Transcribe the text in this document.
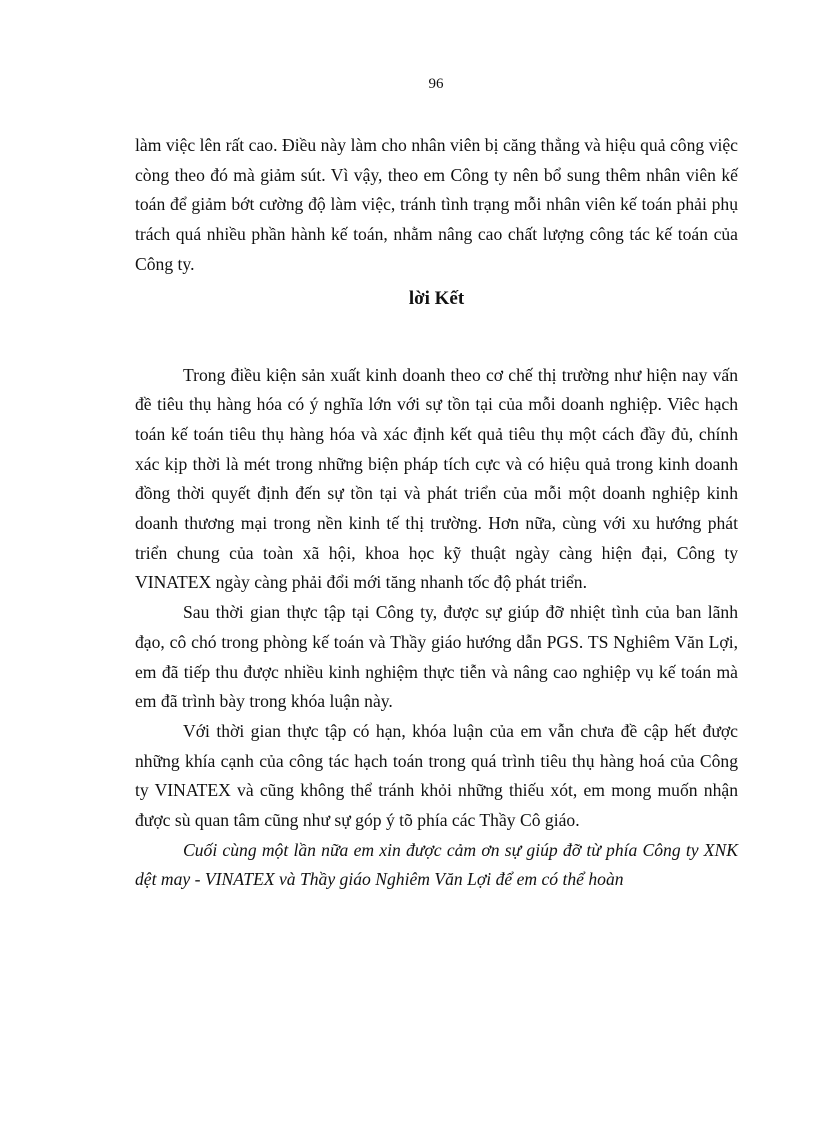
96

làm việc lên rất cao. Điều này làm cho nhân viên bị căng thẳng và hiệu quả công việc còng theo đó mà giảm sút. Vì vậy, theo em Công ty nên bổ sung thêm nhân viên kế toán để giảm bớt cường độ làm việc, tránh tình trạng mỗi nhân viên kế toán phải phụ trách quá nhiều phần hành kế toán, nhằm nâng cao chất lượng công tác kế toán của Công ty.

lời Kết

Trong điều kiện sản xuất kinh doanh theo cơ chế thị trường như hiện nay vấn đề tiêu thụ hàng hóa có ý nghĩa lớn với sự tồn tại của mỗi doanh nghiệp. Viêc hạch toán kế toán tiêu thụ hàng hóa và xác định kết quả tiêu thụ một cách đầy đủ, chính xác kịp thời là mét trong những biện pháp tích cực và có hiệu quả trong kinh doanh đồng thời quyết định đến sự tồn tại và phát triển của mỗi một doanh nghiệp kinh doanh thương mại trong nền kinh tế thị trường. Hơn nữa, cùng với xu hướng phát triển chung của toàn xã hội, khoa học kỹ thuật ngày càng hiện đại, Công ty VINATEX ngày càng phải đổi mới tăng nhanh tốc độ phát triển.

Sau thời gian thực tập tại Công ty, được sự giúp đỡ nhiệt tình của ban lãnh đạo, cô chó trong phòng kế toán và Thầy giáo hướng dẫn PGS. TS Nghiêm Văn Lợi, em đã tiếp thu được nhiều kinh nghiệm thực tiễn và nâng cao nghiệp vụ kế toán mà em đã trình bày trong khóa luận này.

Với thời gian thực tập có hạn, khóa luận của em vẫn chưa đề cập hết được những khía cạnh của công tác hạch toán trong quá trình tiêu thụ hàng hoá của Công ty VINATEX và cũng không thể tránh khỏi những thiếu xót, em mong muốn nhận được sù quan tâm cũng như sự góp ý tõ phía các Thầy Cô giáo.

Cuối cùng một lần nữa em xin được cảm ơn sự giúp đỡ từ phía Công ty XNK dệt may - VINATEX và Thầy giáo Nghiêm Văn Lợi để em có thể hoàn
